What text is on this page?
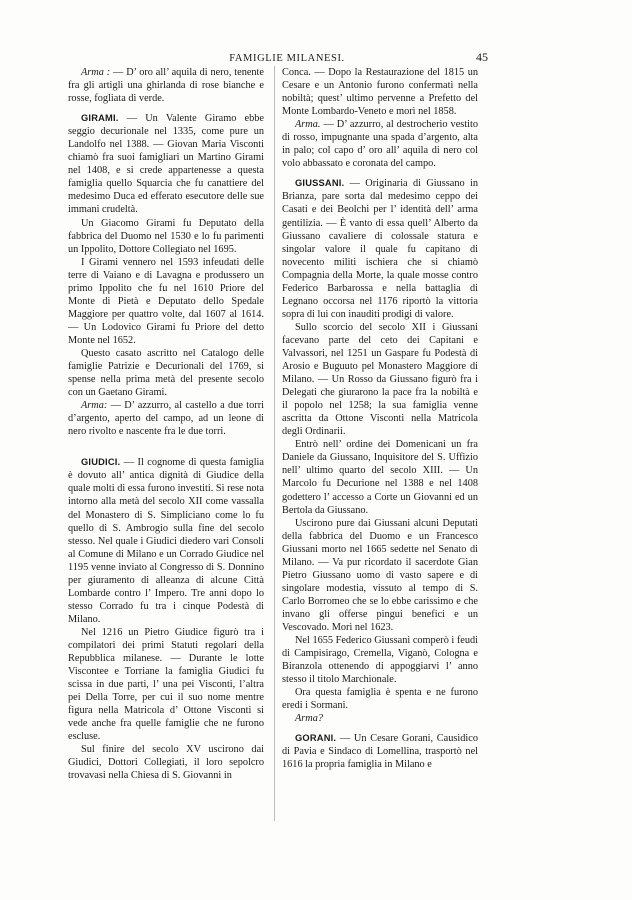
FAMIGLIE MILANESI.	45

Arma : — D’ oro all’ aquila di nero, tenente fra gli artigli una ghirlanda di rose bianche e rosse, fogliata di verde.

GIRAMI. — Un Valente Giramo ebbe seggio decurionale nel 1335, come pure un Landolfo nel 1388. — Giovan Maria Visconti chiamò fra suoi famigliari un Martino Girami nel 1408, e si crede appartenesse a questa famiglia quello Squarcia che fu canattiere del medesimo Duca ed efferato esecutore delle sue immani crudeltà.

Un Giacomo Girami fu Deputato della fabbrica del Duomo nel 1530 e lo fu parimenti un Ippolito, Dottore Collegiato nel 1695.

I Girami vennero nel 1593 infeudati delle terre di Vaiano e di Lavagna e produssero un primo Ippolito che fu nel 1610 Priore del Monte di Pietà e Deputato dello Spedale Maggiore per quattro volte, dal 1607 al 1614. — Un Lodovico Girami fu Priore del detto Monte nel 1652.

Questo casato ascritto nel Catalogo delle famiglie Patrizie e Decurionali del 1769, si spense nella prima metà del presente secolo con un Gaetano Girami.

Arma: — D’ azzurro, al castello a due torri d’argento, aperto del campo, ad un leone di nero rivolto e nascente fra le due torri.

GIUDICI. — Il cognome di questa famiglia è dovuto all’ antica dignità di Giudice della quale molti di essa furono investiti. Si rese nota intorno alla metà del secolo XII come vassalla del Monastero di S. Simpliciano come lo fu quello di S. Ambrogio sulla fine del secolo stesso. Nel quale i Giudici diedero vari Consoli al Comune di Milano e un Corrado Giudice nel 1195 venne inviato al Congresso di S. Donnino per giuramento di alleanza di alcune Città Lombarde contro l’ Impero. Tre anni dopo lo stesso Corrado fu tra i cinque Podestà di Milano.

Nel 1216 un Pietro Giudice figurò tra i compilatori dei primi Statuti regolari della Repubblica milanese. — Durante le lotte Viscontee e Torriane la famiglia Giudici fu scissa in due parti, l’ una pei Visconti, l’altra pei Della Torre, per cui il suo nome mentre figura nella Matricola d’ Ottone Visconti si vede anche fra quelle famiglie che ne furono escluse.

Sul finire del secolo XV uscirono dai Giudici, Dottori Collegiati, il loro sepolcro trovavasi nella Chiesa di S. Giovanni in

Conca. — Dopo la Restaurazione del 1815 un Cesare e un Antonio furono confermati nella nobiltà; quest’ ultimo pervenne a Prefetto del Monte Lombardo-Veneto e morì nel 1858.

Arma. — D’ azzurro, al destrocherio vestito di rosso, impugnante una spada d’argento, alta in palo; col capo d’ oro all’ aquila di nero col volo abbassato e coronata del campo.

GIUSSANI. — Originaria di Giussano in Brianza, pare sorta dal medesimo ceppo dei Casati e dei Beolchi per l’ identità dell’ arma gentilizia. — È vanto di essa quell’ Alberto da Giussano cavaliere di colossale statura e singolar valore il quale fu capitano di novecento militi ischiera che si chiamò Compagnia della Morte, la quale mosse contro Federico Barbarossa e nella battaglia di Legnano occorsa nel 1176 riportò la vittoria sopra di lui con inauditi prodigi di valore.

Sullo scorcio del secolo XII i Giussani facevano parte del ceto dei Capitani e Valvassori, nel 1251 un Gaspare fu Podestà di Arosio e Buguuto pel Monastero Maggiore di Milano. — Un Rosso da Giussano figurò fra i Delegati che giurarono la pace fra la nobiltà e il popolo nel 1258; la sua famiglia venne ascritta da Ottone Visconti nella Matricola degli Ordinarii.

Entrò nell’ ordine dei Domenicani un fra Daniele da Giussano, Inquisitore del S. Uffizio nell’ ultimo quarto del secolo XIII. — Un Marcolo fu Decurione nel 1388 e nel 1408 godettero l’ accesso a Corte un Giovanni ed un Bertola da Giussano.

Uscirono pure dai Giussani alcuni Deputati della fabbrica del Duomo e un Francesco Giussani morto nel 1665 sedette nel Senato di Milano. — Va pur ricordato il sacerdote Gian Pietro Giussano uomo di vasto sapere e di singolare modestia, vissuto al tempo di S. Carlo Borromeo che se lo ebbe carissimo e che invano gli offerse pingui benefici e un Vescovado. Morì nel 1623.

Nel 1655 Federico Giussani comperò i feudi di Campisirago, Cremella, Viganò, Cologna e Biranzola ottenendo di appoggiarvi l’ anno stesso il titolo Marchionale.

Ora questa famiglia è spenta e ne furono eredi i Sormani.

Arma?

GORANI. — Un Cesare Gorani, Causidico di Pavia e Sindaco di Lomellina, trasportò nel 1616 la propria famiglia in Milano e
